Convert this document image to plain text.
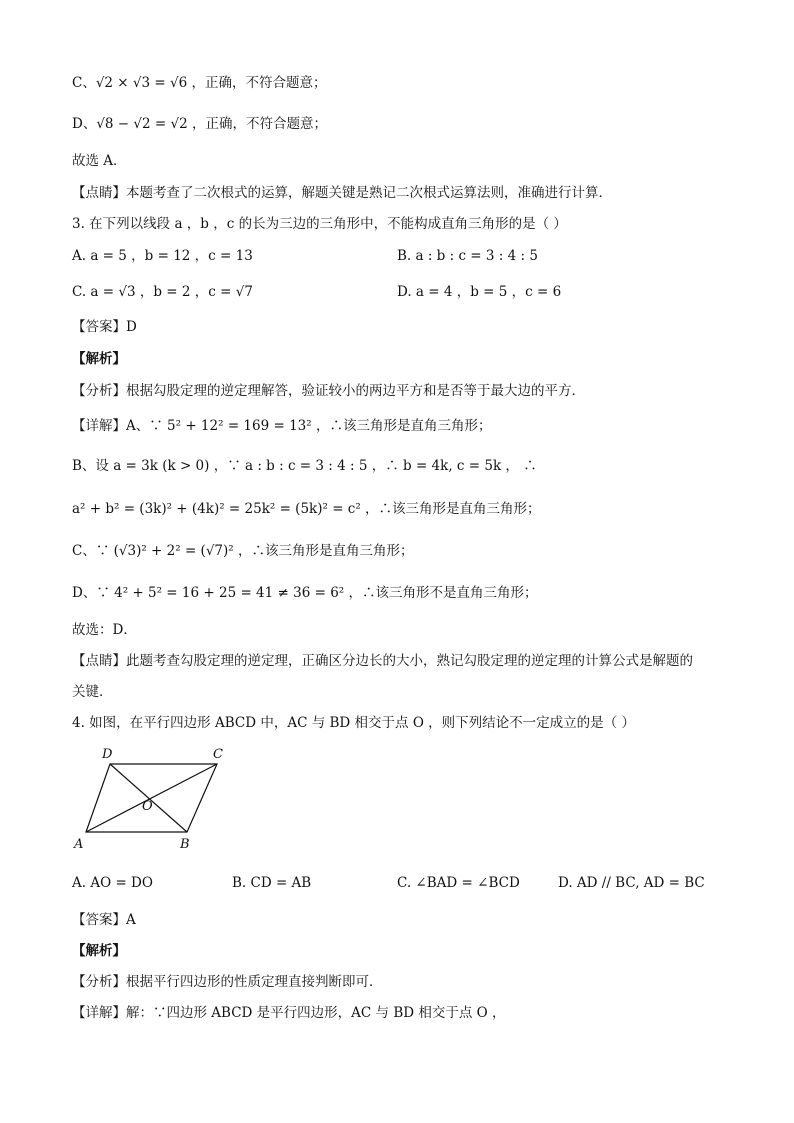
C、√2 × √3 = √6 ，正确，不符合题意；
D、√8 − √2 = √2 ，正确，不符合题意；
故选 A．
【点睛】本题考查了二次根式的运算，解题关键是熟记二次根式运算法则，准确进行计算．
3. 在下列以线段 a ，b ，c 的长为三边的三角形中，不能构成直角三角形的是（ ）
A. a = 5 ，b = 12 ，c = 13	B. a : b : c = 3 : 4 : 5
C. a = √3 ，b = 2 ，c = √7	D. a = 4 ，b = 5 ，c = 6
【答案】D
【解析】
【分析】根据勾股定理的逆定理解答，验证较小的两边平方和是否等于最大边的平方．
【详解】A、∵ 5² + 12² = 169 = 13² ，∴该三角形是直角三角形；
B、设 a = 3k (k > 0) ，∵ a : b : c = 3 : 4 : 5 ，∴ b = 4k, c = 5k ， ∴
a² + b² = (3k)² + (4k)² = 25k² = (5k)² = c² ，∴该三角形是直角三角形；
C、∵ (√3)² + 2² = (√7)² ，∴该三角形是直角三角形；
D、∵ 4² + 5² = 16 + 25 = 41 ≠ 36 = 6² ，∴该三角形不是直角三角形；
故选：D．
【点睛】此题考查勾股定理的逆定理，正确区分边长的大小，熟记勾股定理的逆定理的计算公式是解题的
关键．
4. 如图，在平行四边形 ABCD 中，AC 与 BD 相交于点 O ，则下列结论不一定成立的是（ ）
D	C
A	B
O
A. AO = DO	B. CD = AB	C. ∠BAD = ∠BCD	D. AD // BC, AD = BC
【答案】A
【解析】
【分析】根据平行四边形的性质定理直接判断即可．
【详解】解：∵四边形 ABCD 是平行四边形，AC 与 BD 相交于点 O ，
